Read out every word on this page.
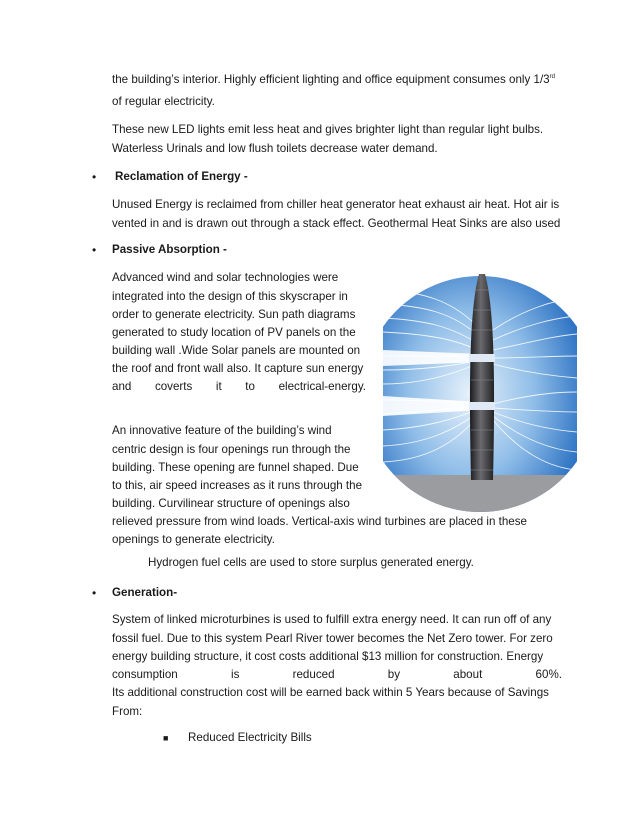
the building’s interior. Highly efficient lighting and office equipment consumes only 1/3rd
of regular electricity.
These new LED lights emit less heat and gives brighter light than regular light bulbs.
Waterless Urinals and low flush toilets decrease water demand.
• Reclamation of Energy -
Unused Energy is reclaimed from chiller heat generator heat exhaust air heat. Hot air is
vented in and is drawn out through a stack effect. Geothermal Heat Sinks are also used
• Passive Absorption -
Advanced wind and solar technologies were
integrated into the design of this skyscraper in
order to generate electricity. Sun path diagrams
generated to study location of PV panels on the
building wall .Wide Solar panels are mounted on
the roof and front wall also. It capture sun energy
and coverts it to electrical-energy.
An innovative feature of the building’s wind
centric design is four openings run through the
building. These opening are funnel shaped. Due
to this, air speed increases as it runs through the
building. Curvilinear structure of openings also
relieved pressure from wind loads. Vertical-axis wind turbines are placed in these
openings to generate electricity.
Hydrogen fuel cells are used to store surplus generated energy.
• Generation-
System of linked microturbines is used to fulfill extra energy need. It can run off of any
fossil fuel. Due to this system Pearl River tower becomes the Net Zero tower. For zero
energy building structure, it cost costs additional $13 million for construction. Energy
consumption	is	reduced	by	about	60%.
Its additional construction cost will be earned back within 5 Years because of Savings
From:
■ Reduced Electricity Bills
